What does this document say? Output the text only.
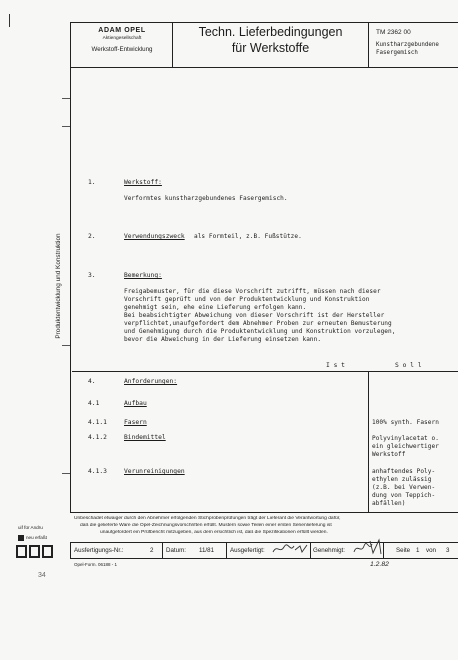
ADAM OPEL
Aktiengesellschaft
Werkstoff-Entwicklung
Techn. Lieferbedingungen
für Werkstoffe
TM 2362 00
Kunstharzgebundene
Fasergemisch
Produktentwicklung und Konstruktion
1.	Werkstoff:
Verformtes kunstharzgebundenes Fasergemisch.
2.	Verwendungszweck als Formteil, z.B. Fußstütze.
3.	Bemerkung:
Freigabemuster, für die diese Vorschrift zutrifft, müssen nach dieser
Vorschrift geprüft und von der Produktentwicklung und Konstruktion
genehmigt sein, ehe eine Lieferung erfolgen kann.
Bei beabsichtigter Abweichung von dieser Vorschrift ist der Hersteller
verpflichtet,unaufgefordert dem Abnehmer Proben zur erneuten Bemusterung
und Genehmigung durch die Produktentwicklung und Konstruktion vorzulegen,
bevor die Abweichung in der Lieferung einsetzen kann.
I s t	S o l l
4.	Anforderungen:
4.1	Aufbau
4.1.1	Fasern	100% synth. Fasern
4.1.2	Bindemittel	Polyvinylacetat o.
ein gleichwertiger
Werkstoff
4.1.3	Verunreinigungen	anhaftendes Poly-
ethylen zulässig
(z.B. bei Verwen-
dung von Teppich-
abfällen)
Unbeschadet etwaiger durch den Abnehmer erfolgenden Stichprobenprüfungen trägt der Lieferant die Verantwortung dafür,
daß die gelieferte Ware die Opel-Zeichnungsvorschriften erfüllt. Mustern sowie Teilen einer ersten Serienlieferung ist
unaufgefordert ein Prüfbericht mitzugeben, aus dem ersichtlich ist, daß die Spezifikationen erfüllt werden.
uif für Andru
neu erfaßt
Ausfertigungs-Nr.:	2 Datum: 11/81	Ausgefertigt:	Genehmigt:	Seite 1 von 3
Opel-Form. 06188 - 1	1.2.82
34
